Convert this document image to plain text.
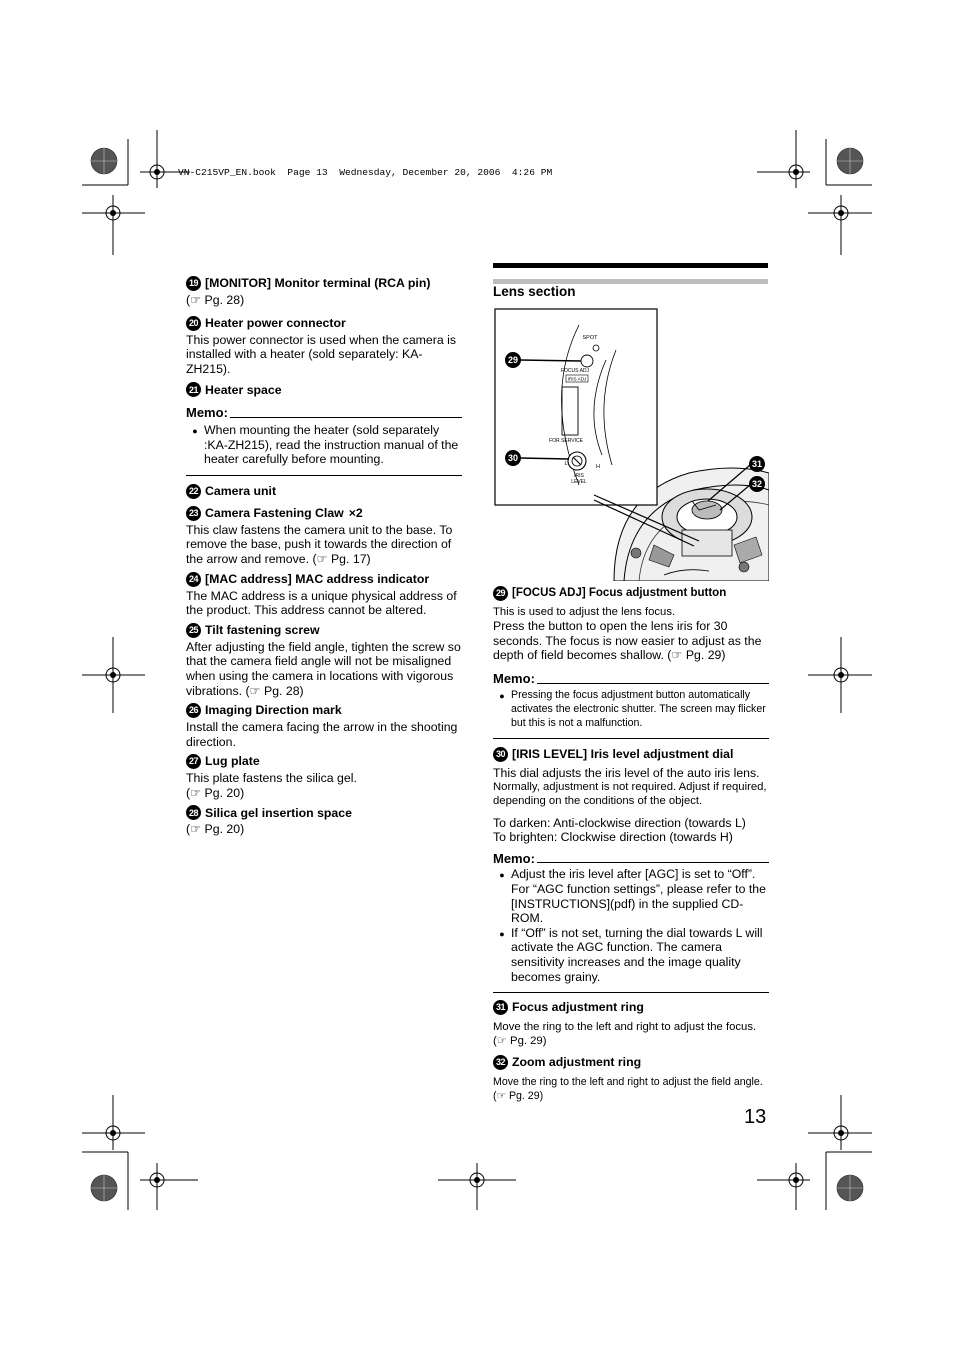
VN-C215VP_EN.book  Page 13  Wednesday, December 20, 2006  4:26 PM
19 [MONITOR] Monitor terminal (RCA pin)
(☞ Pg. 28)
20 Heater power connector
This power connector is used when the camera is installed with a heater (sold separately: KA-ZH215).
21 Heater space
Memo :
● When mounting the heater (sold separately :KA-ZH215), read the instruction manual of the heater carefully before mounting.
22 Camera unit
23 Camera Fastening Claw ×2
This claw fastens the camera unit to the base. To remove the base, push it towards the direction of the arrow and remove. (☞ Pg. 17)
24 [MAC address] MAC address indicator
The MAC address is a unique physical address of the product. This address cannot be altered.
25 Tilt fastening screw
After adjusting the field angle, tighten the screw so that the camera field angle will not be misaligned when using the camera in locations with vigorous vibrations. (☞ Pg. 28)
26 Imaging Direction mark
Install the camera facing the arrow in the shooting direction.
27 Lug plate
This plate fastens the silica gel.
(☞ Pg. 20)
28 Silica gel insertion space
(☞ Pg. 20)
Lens section
SPOT
FOCUS ADJ
IRIS ADJ
FOR SERVICE
L	H
IRIS
LEVEL
29
30
31
32
29 [FOCUS ADJ] Focus adjustment button
This is used to adjust the lens focus.
Press the button to open the lens iris for 30 seconds. The focus is now easier to adjust as the depth of field becomes shallow. (☞ Pg. 29)
Memo :
● Pressing the focus adjustment button automatically activates the electronic shutter. The screen may flicker but this is not a malfunction.
30 [IRIS LEVEL] Iris level adjustment dial
This dial adjusts the iris level of the auto iris lens.
Normally, adjustment is not required. Adjust if required, depending on the conditions of the object.
To darken: Anti-clockwise direction (towards L)
To brighten: Clockwise direction (towards H)
Memo :
● Adjust the iris level after [AGC] is set to “Off”. For “AGC function settings”, please refer to the [INSTRUCTIONS](pdf) in the supplied CD-ROM.
● If “Off” is not set, turning the dial towards L will activate the AGC function. The camera sensitivity increases and the image quality becomes grainy.
31 Focus adjustment ring
Move the ring to the left and right to adjust the focus. (☞ Pg. 29)
32 Zoom adjustment ring
Move the ring to the left and right to adjust the field angle. (☞ Pg. 29)
13
